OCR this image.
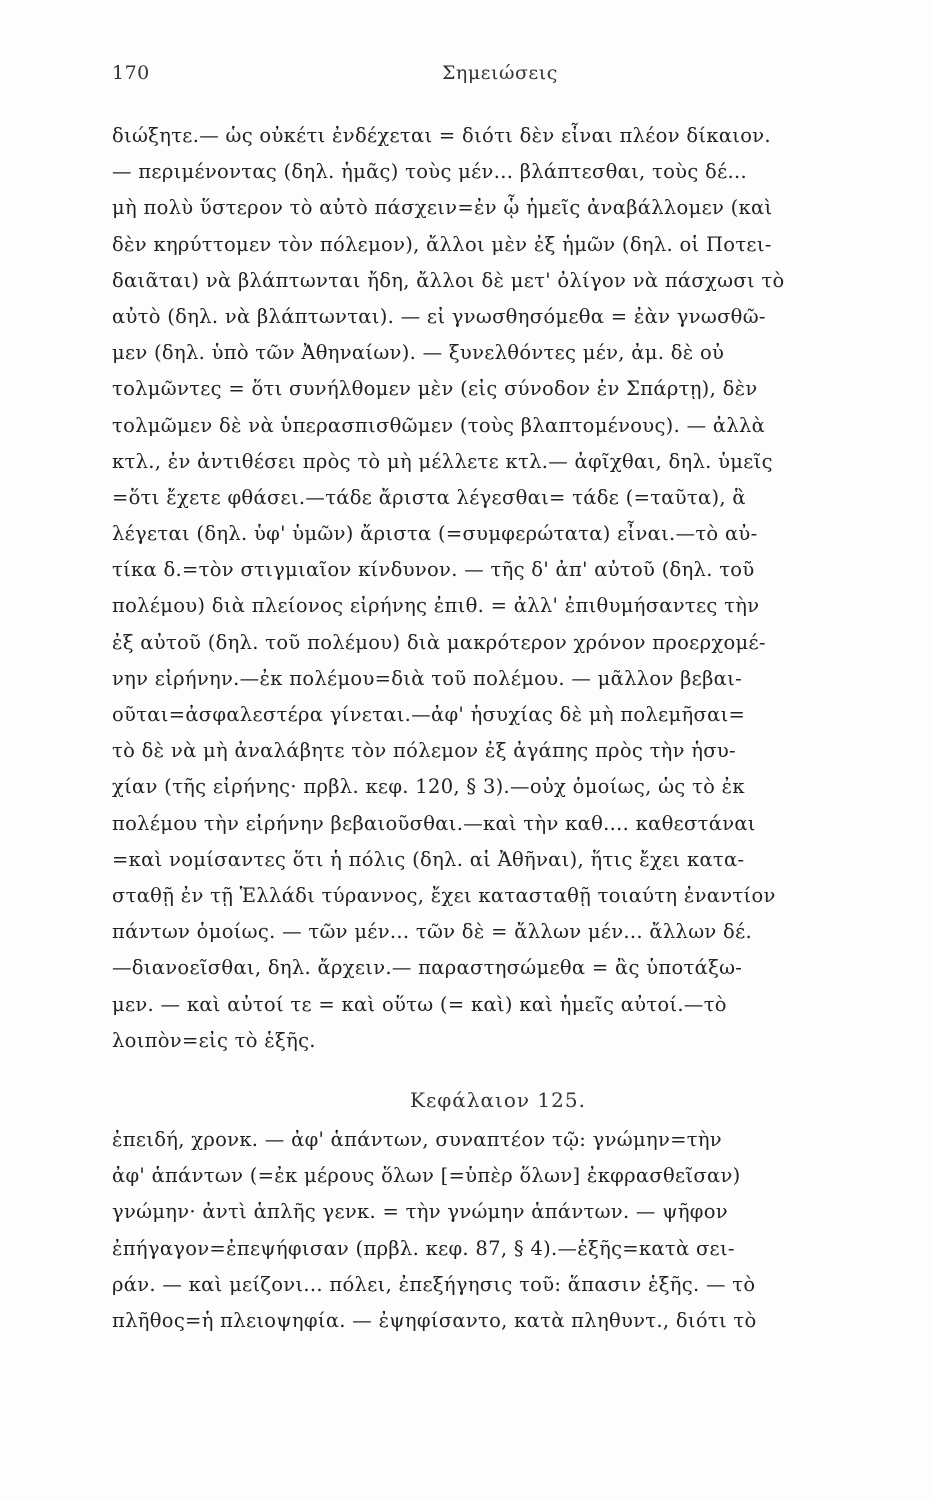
170	Σημειώσεις
διώξητε.— ὡς οὐκέτι ἐνδέχεται = διότι δὲν εἶναι πλέον δίκαιον.
— περιμένοντας (δηλ. ἡμᾶς) τοὺς μέν... βλάπτεσθαι, τοὺς δέ...
μὴ πολὺ ὕστερον τὸ αὐτὸ πάσχειν=ἐν ᾧ ἡμεῖς ἀναβάλλομεν (καὶ
δὲν κηρύττομεν τὸν πόλεμον), ἄλλοι μὲν ἐξ ἡμῶν (δηλ. οἱ Ποτει-
δαιᾶται) νὰ βλάπτωνται ἤδη, ἄλλοι δὲ μετ' ὀλίγον νὰ πάσχωσι τὸ
αὐτὸ (δηλ. νὰ βλάπτωνται). — εἰ γνωσθησόμεθα = ἐὰν γνωσθῶ-
μεν (δηλ. ὑπὸ τῶν Ἀθηναίων). — ξυνελθόντες μέν, ἀμ. δὲ οὐ
τολμῶντες = ὅτι συνήλθομεν μὲν (εἰς σύνοδον ἐν Σπάρτῃ), δὲν
τολμῶμεν δὲ νὰ ὑπερασπισθῶμεν (τοὺς βλαπτομένους). — ἀλλὰ
κτλ., ἐν ἀντιθέσει πρὸς τὸ μὴ μέλλετε κτλ.— ἀφῖχθαι, δηλ. ὑμεῖς
=ὅτι ἔχετε φθάσει.—τάδε ἄριστα λέγεσθαι= τάδε (=ταῦτα), ἃ
λέγεται (δηλ. ὑφ' ὑμῶν) ἄριστα (=συμφερώτατα) εἶναι.—τὸ αὐ-
τίκα δ.=τὸν στιγμιαῖον κίνδυνον. — τῆς δ' ἀπ' αὐτοῦ (δηλ. τοῦ
πολέμου) διὰ πλείονος εἰρήνης ἐπιθ. = ἀλλ' ἐπιθυμήσαντες τὴν
ἐξ αὐτοῦ (δηλ. τοῦ πολέμου) διὰ μακρότερον χρόνον προερχομέ-
νην εἰρήνην.—ἐκ πολέμου=διὰ τοῦ πολέμου. — μᾶλλον βεβαι-
οῦται=ἀσφαλεστέρα γίνεται.—ἀφ' ἡσυχίας δὲ μὴ πολεμῆσαι=
τὸ δὲ νὰ μὴ ἀναλάβητε τὸν πόλεμον ἐξ ἀγάπης πρὸς τὴν ἡσυ-
χίαν (τῆς εἰρήνης· πρβλ. κεφ. 120, § 3).—οὐχ ὁμοίως, ὡς τὸ ἐκ
πολέμου τὴν εἰρήνην βεβαιοῦσθαι.—καὶ τὴν καθ.... καθεστάναι
=καὶ νομίσαντες ὅτι ἡ πόλις (δηλ. αἱ Ἀθῆναι), ἥτις ἔχει κατα-
σταθῇ ἐν τῇ Ἑλλάδι τύραννος, ἔχει κατασταθῇ τοιαύτη ἐναντίον
πάντων ὁμοίως. — τῶν μέν... τῶν δὲ = ἄλλων μέν... ἄλλων δέ.
—διανοεῖσθαι, δηλ. ἄρχειν.— παραστησώμεθα = ἂς ὑποτάξω-
μεν. — καὶ αὐτοί τε = καὶ οὕτω (= καὶ) καὶ ἡμεῖς αὐτοί.—τὸ
λοιπὸν=εἰς τὸ ἑξῆς.
Κεφάλαιον 125.
ἐπειδή, χρονκ. — ἀφ' ἁπάντων, συναπτέον τῷ: γνώμην=τὴν
ἀφ' ἁπάντων (=ἐκ μέρους ὅλων [=ὑπὲρ ὅλων] ἐκφρασθεῖσαν)
γνώμην· ἀντὶ ἁπλῆς γενκ. = τὴν γνώμην ἁπάντων. — ψῆφον
ἐπήγαγον=ἐπεψήφισαν (πρβλ. κεφ. 87, § 4).—ἑξῆς=κατὰ σει-
ράν. — καὶ μείζονι... πόλει, ἐπεξήγησις τοῦ: ἅπασιν ἑξῆς. — τὸ
πλῆθος=ἡ πλειοψηφία. — ἐψηφίσαντο, κατὰ πληθυντ., διότι τὸ
